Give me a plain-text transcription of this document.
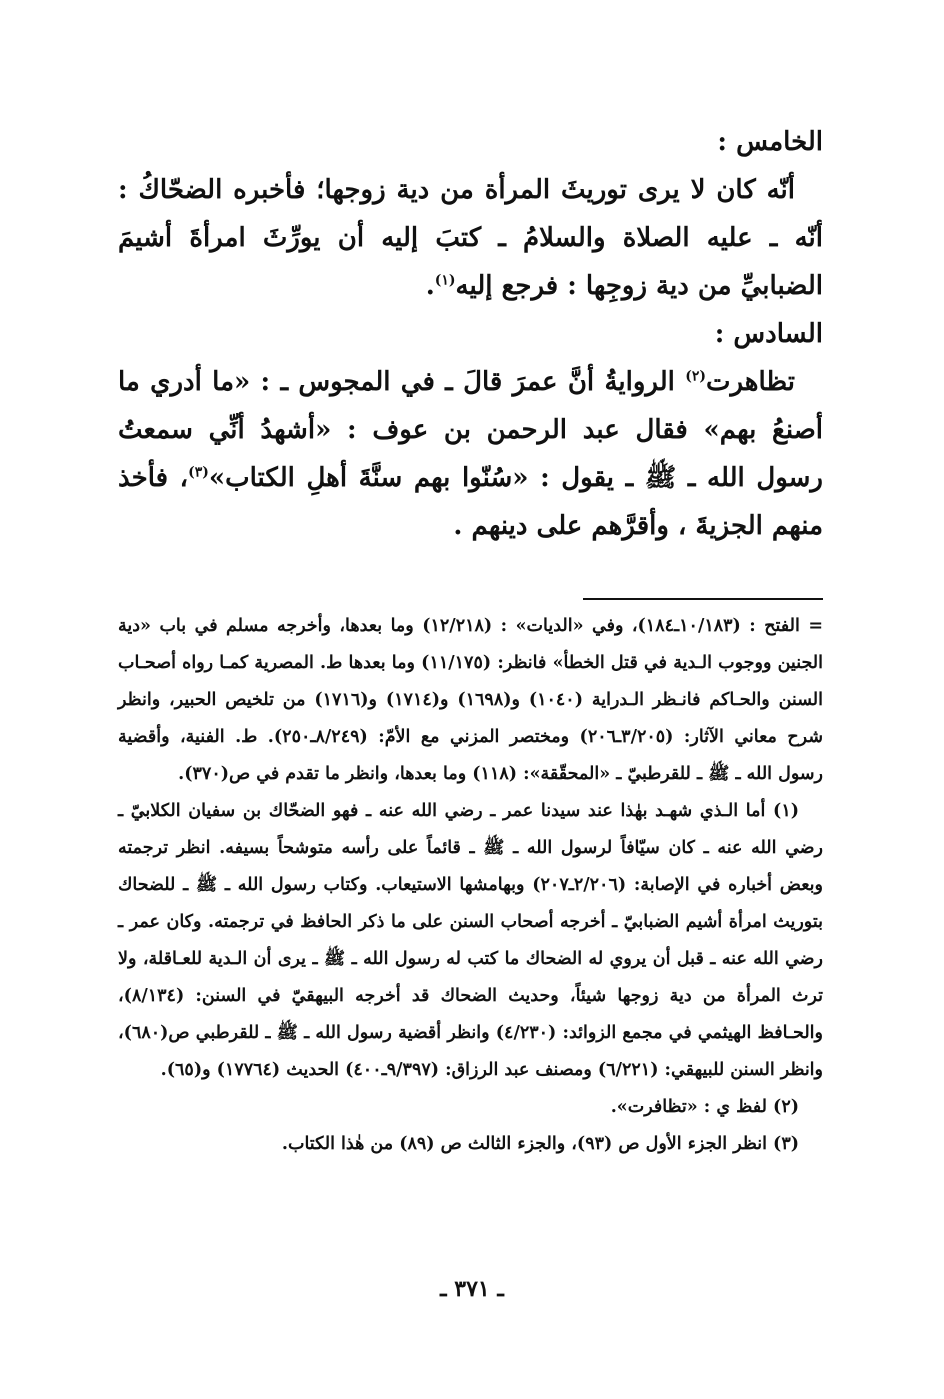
الخامس :

أنّه كان لا يرى توريثَ المرأة من دية زوجها؛ فأخبره الضحّاكُ : أنّه ـ عليه الصلاة والسلامُ ـ كتبَ إليه أن يورِّثَ امرأةَ أشيمَ الضبابيِّ من دية زوجِها : فرجع إليه$^{(١)}$.

السادس :

تظاهرت$^{(٢)}$ الروايةُ أنَّ عمرَ قالَ ـ في المجوس ـ : «ما أدري ما أصنعُ بهم» فقال عبد الرحمن بن عوف : «أشهدُ أنِّي سمعتُ رسول الله ـ ﷺ ـ يقول : «سُنّوا بهم سنَّةَ أهلِ الكتاب»$^{(٣)}$، فأخذ منهم الجزيةَ ، وأقرَّهم على دينهم .

= الفتح : (١٠/١٨٣ـ١٨٤)، وفي «الديات» : (١٢/٢١٨) وما بعدها، وأخرجه مسلم في باب «دية الجنين ووجوب الـدية في قتل الخطأ» فانظر: (١١/١٧٥) وما بعدها ط. المصرية كمـا رواه أصحـاب السنن والحـاكم فانـظر الـدراية (١٠٤٠) و(١٦٩٨) و(١٧١٤) و(١٧١٦) من تلخيص الحبير، وانظر شرح معاني الآثار: (٣/٢٠٥ـ٢٠٦) ومختصر المزني مع الأمّ: (٨/٢٤٩ـ٢٥٠). ط. الفنية، وأقضية رسول الله ـ ﷺ ـ للقرطبيّ ـ «المحقّقة»: (١١٨) وما بعدها، وانظر ما تقدم في ص(٣٧٠).

(١) أما الـذي شهـد بهٰذا عند سيدنا عمر ـ رضي الله عنه ـ فهو الضحّاك بن سفيان الكلابيّ ـ رضي الله عنه ـ كان سيّافاً لرسول الله ـ ﷺ ـ قائماً على رأسه متوشحاً بسيفه. انظر ترجمته وبعض أخباره في الإصابة: (٢/٢٠٦ـ٢٠٧) وبهامشها الاستيعاب. وكتاب رسول الله ـ ﷺ ـ للضحاك بتوريث امرأة أشيم الضبابيّ ـ أخرجه أصحاب السنن على ما ذكر الحافظ في ترجمته. وكان عمر ـ رضي الله عنه ـ قبل أن يروي له الضحاك ما كتب له رسول الله ـ ﷺ ـ يرى أن الـدية للعـاقلة، ولا ترث المرأة من دية زوجها شيئاً، وحديث الضحاك قد أخرجه البيهقيّ في السنن: (٨/١٣٤)، والحـافظ الهيثمي في مجمع الزوائد: (٤/٢٣٠) وانظر أقضية رسول الله ـ ﷺ ـ للقرطبي ص(٦٨٠)، وانظر السنن للبيهقي: (٦/٢٢١) ومصنف عبد الرزاق: (٩/٣٩٧ـ٤٠٠) الحديث (١٧٧٦٤) و(٦٥).

(٢) لفظ ي : «تظافرت».

(٣) انظر الجزء الأول ص (٩٣)، والجزء الثالث ص (٨٩) من هٰذا الكتاب.

ـ ٣٧١ ـ
